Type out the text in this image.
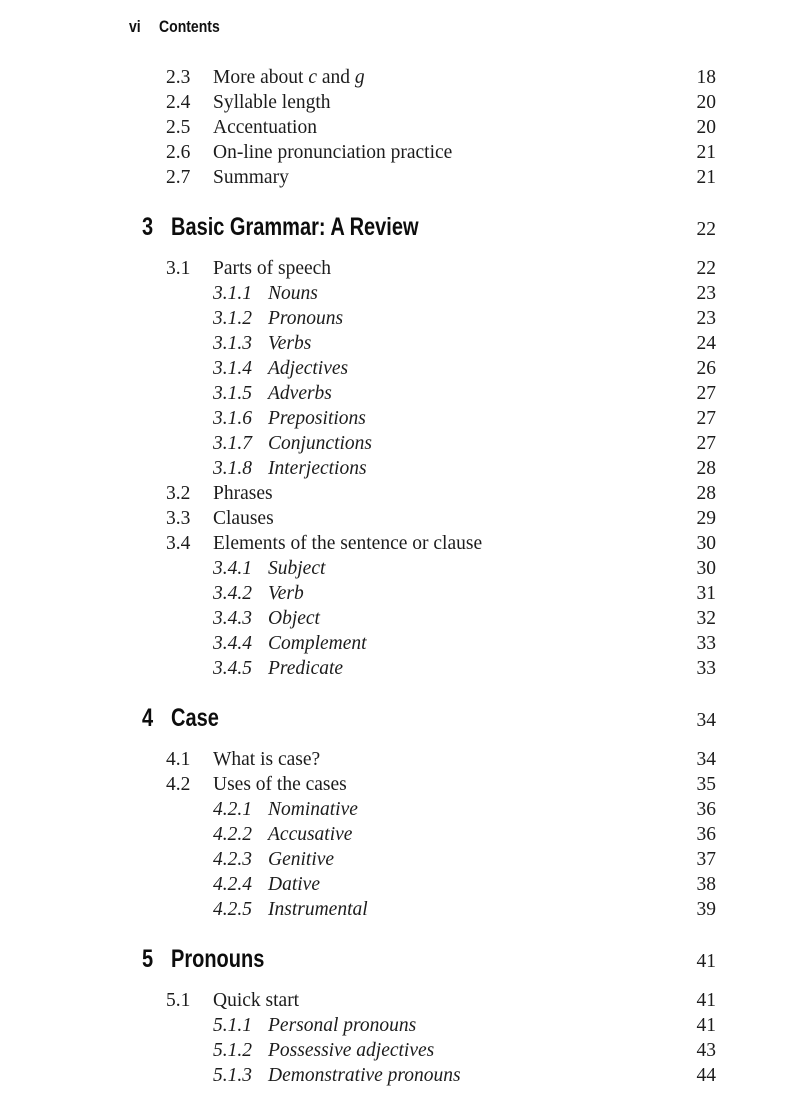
vi	Contents
2.3	More about c and g	18
2.4	Syllable length	20
2.5	Accentuation	20
2.6	On-line pronunciation practice	21
2.7	Summary	21
3 Basic Grammar: A Review	22
3.1	Parts of speech	22
3.1.1 Nouns	23
3.1.2 Pronouns	23
3.1.3 Verbs	24
3.1.4 Adjectives	26
3.1.5 Adverbs	27
3.1.6 Prepositions	27
3.1.7 Conjunctions	27
3.1.8 Interjections	28
3.2	Phrases	28
3.3	Clauses	29
3.4	Elements of the sentence or clause	30
3.4.1 Subject	30
3.4.2 Verb	31
3.4.3 Object	32
3.4.4 Complement	33
3.4.5 Predicate	33
4 Case	34
4.1	What is case?	34
4.2	Uses of the cases	35
4.2.1 Nominative	36
4.2.2 Accusative	36
4.2.3 Genitive	37
4.2.4 Dative	38
4.2.5 Instrumental	39
5 Pronouns	41
5.1	Quick start	41
5.1.1 Personal pronouns	41
5.1.2 Possessive adjectives	43
5.1.3 Demonstrative pronouns	44
